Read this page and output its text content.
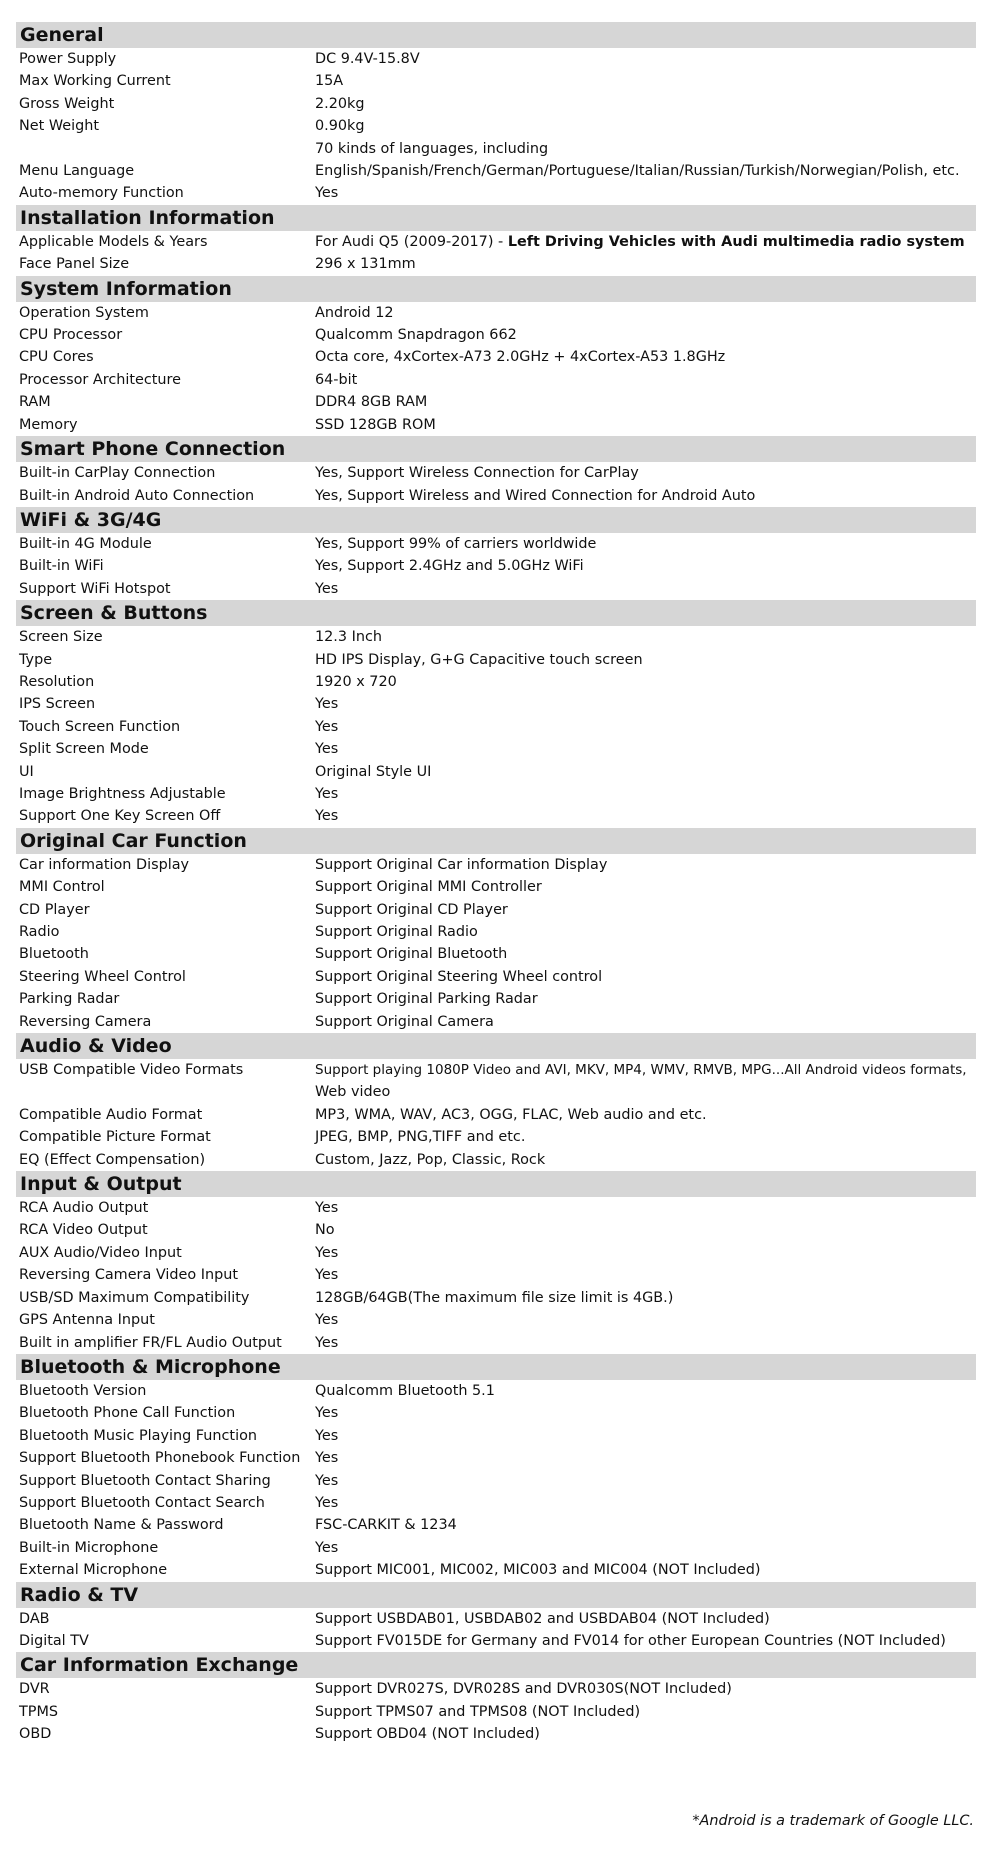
General
Power Supply	DC 9.4V-15.8V
Max Working Current	15A
Gross Weight	2.20kg
Net Weight	0.90kg
70 kinds of languages, including
Menu Language	English/Spanish/French/German/Portuguese/Italian/Russian/Turkish/Norwegian/Polish, etc.
Auto-memory Function	Yes
Installation Information
Applicable Models & Years	For Audi Q5 (2009-2017) - Left Driving Vehicles with Audi multimedia radio system
Face Panel Size	296 x 131mm
System Information
Operation System	Android 12
CPU Processor	Qualcomm Snapdragon 662
CPU Cores	Octa core, 4xCortex-A73 2.0GHz + 4xCortex-A53 1.8GHz
Processor Architecture	64-bit
RAM	DDR4 8GB RAM
Memory	SSD 128GB ROM
Smart Phone Connection
Built-in CarPlay Connection	Yes, Support Wireless Connection for CarPlay
Built-in Android Auto Connection	Yes, Support Wireless and Wired Connection for Android Auto
WiFi & 3G/4G
Built-in 4G Module	Yes, Support 99% of carriers worldwide
Built-in WiFi	Yes, Support 2.4GHz and 5.0GHz WiFi
Support WiFi Hotspot	Yes
Screen & Buttons
Screen Size	12.3 Inch
Type	HD IPS Display, G+G Capacitive touch screen
Resolution	1920 x 720
IPS Screen	Yes
Touch Screen Function	Yes
Split Screen Mode	Yes
UI	Original Style UI
Image Brightness Adjustable	Yes
Support One Key Screen Off	Yes
Original Car Function
Car information Display	Support Original Car information Display
MMI Control	Support Original MMI Controller
CD Player	Support Original CD Player
Radio	Support Original Radio
Bluetooth	Support Original Bluetooth
Steering Wheel Control	Support Original Steering Wheel control
Parking Radar	Support Original Parking Radar
Reversing Camera	Support Original Camera
Audio & Video
USB Compatible Video Formats	Support playing 1080P Video and AVI, MKV, MP4, WMV, RMVB, MPG...All Android videos formats,
Web video
Compatible Audio Format	MP3, WMA, WAV, AC3, OGG, FLAC, Web audio and etc.
Compatible Picture Format	JPEG, BMP, PNG,TIFF and etc.
EQ (Effect Compensation)	Custom, Jazz, Pop, Classic, Rock
Input & Output
RCA Audio Output	Yes
RCA Video Output	No
AUX Audio/Video Input	Yes
Reversing Camera Video Input	Yes
USB/SD Maximum Compatibility	128GB/64GB(The maximum file size limit is 4GB.)
GPS Antenna Input	Yes
Built in amplifier FR/FL Audio Output	Yes
Bluetooth & Microphone
Bluetooth Version	Qualcomm Bluetooth 5.1
Bluetooth Phone Call Function	Yes
Bluetooth Music Playing Function	Yes
Support Bluetooth Phonebook Function	Yes
Support Bluetooth Contact Sharing	Yes
Support Bluetooth Contact Search	Yes
Bluetooth Name & Password	FSC-CARKIT & 1234
Built-in Microphone	Yes
External Microphone	Support MIC001, MIC002, MIC003 and MIC004 (NOT Included)
Radio & TV
DAB	Support USBDAB01, USBDAB02 and USBDAB04 (NOT Included)
Digital TV	Support FV015DE for Germany and FV014 for other European Countries (NOT Included)
Car Information Exchange
DVR	Support DVR027S, DVR028S and DVR030S(NOT Included)
TPMS	Support TPMS07 and TPMS08 (NOT Included)
OBD	Support OBD04 (NOT Included)
*Android is a trademark of Google LLC.
